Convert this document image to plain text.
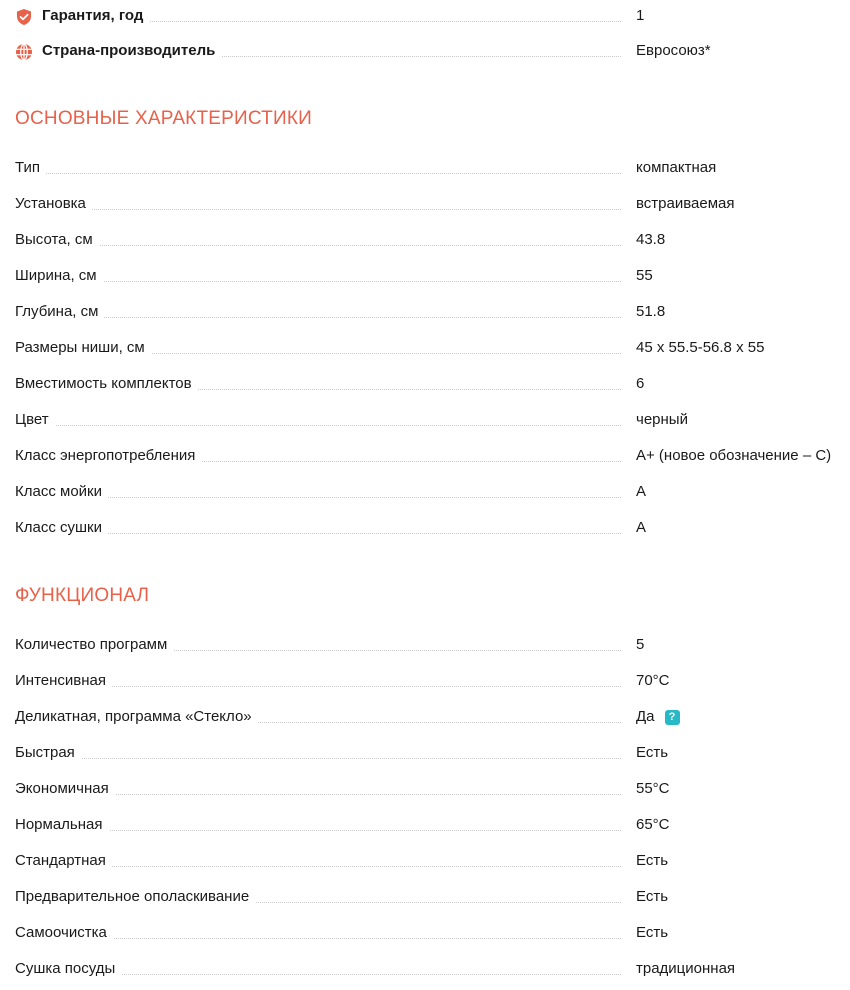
Гарантия, год	1
Страна-производитель	Евросоюз*
ОСНОВНЫЕ ХАРАКТЕРИСТИКИ
Тип	компактная
Установка	встраиваемая
Высота, см	43.8
Ширина, см	55
Глубина, см	51.8
Размеры ниши, см	45 x 55.5-56.8 x 55
Вместимость комплектов	6
Цвет	черный
Класс энергопотребления	A+ (новое обозначение – C)
Класс мойки	A
Класс сушки	A
ФУНКЦИОНАЛ
Количество программ	5
Интенсивная	70°C
Деликатная, программа «Стекло»	Да ?
Быстрая	Есть
Экономичная	55°C
Нормальная	65°C
Стандартная	Есть
Предварительное ополаскивание	Есть
Самоочистка	Есть
Сушка посуды	традиционная
